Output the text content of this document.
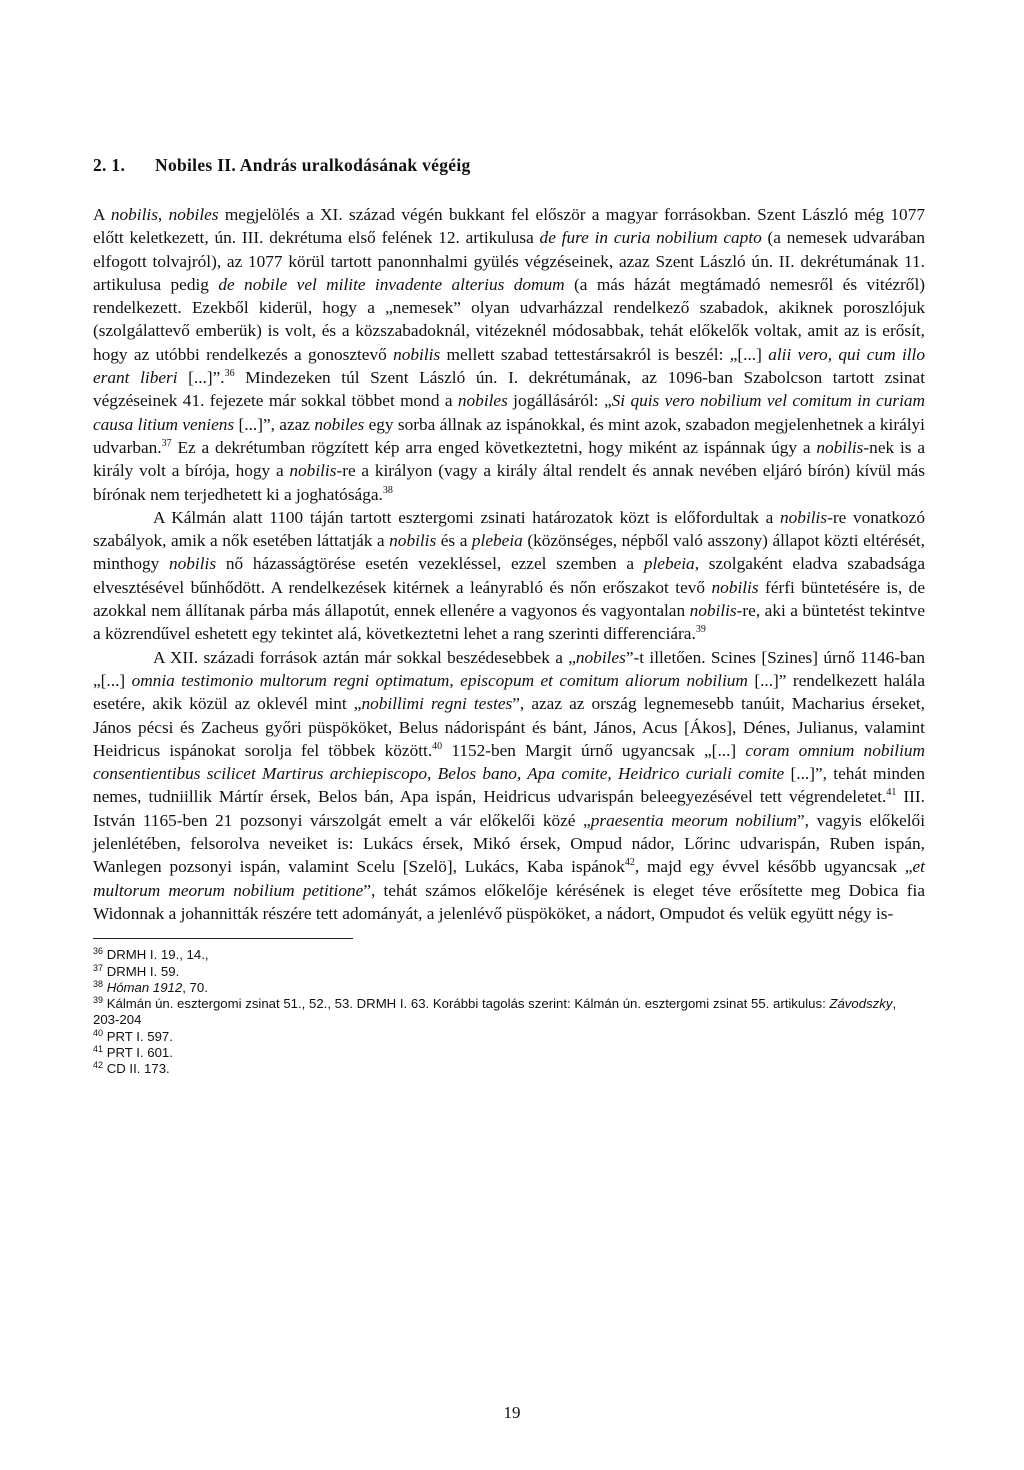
2. 1. Nobiles II. András uralkodásának végéig

A nobilis, nobiles megjelölés a XI. század végén bukkant fel először a magyar forrásokban. Szent László még 1077 előtt keletkezett, ún. III. dekrétuma első felének 12. artikulusa de fure in curia nobilium capto (a nemesek udvarában elfogott tolvajról), az 1077 körül tartott panonnhalmi gyülés végzéseinek, azaz Szent László ún. II. dekrétumának 11. artikulusa pedig de nobile vel milite invadente alterius domum (a más házát megtámadó nemesről és vitézről) rendelkezett. Ezekből kiderül, hogy a „nemesek” olyan udvarházzal rendelkező szabadok, akiknek poroszlójuk (szolgálattevő emberük) is volt, és a közszabadoknál, vitézeknél módosabbak, tehát előkelők voltak, amit az is erősít, hogy az utóbbi rendelkezés a gonosztevő nobilis mellett szabad tettestársakról is beszél: „[...] alii vero, qui cum illo erant liberi [...]”.$^{36}$ Mindezeken túl Szent László ún. I. dekrétumának, az 1096-ban Szabolcson tartott zsinat végzéseinek 41. fejezete már sokkal többet mond a nobiles jogállásáról: „Si quis vero nobilium vel comitum in curiam causa litium veniens [...]”, azaz nobiles egy sorba állnak az ispánokkal, és mint azok, szabadon megjelenhetnek a királyi udvarban.$^{37}$ Ez a dekrétumban rögzített kép arra enged következtetni, hogy miként az ispánnak úgy a nobilis-nek is a király volt a bírója, hogy a nobilis-re a királyon (vagy a király által rendelt és annak nevében eljáró bírón) kívül más bírónak nem terjedhetett ki a joghatósága.$^{38}$

A Kálmán alatt 1100 táján tartott esztergomi zsinati határozatok közt is előfordultak a nobilis-re vonatkozó szabályok, amik a nők esetében láttatják a nobilis és a plebeia (közönséges, népből való asszony) állapot közti eltérését, minthogy nobilis nő házasságtörése esetén vezekléssel, ezzel szemben a plebeia, szolgaként eladva szabadsága elvesztésével bűnhődött. A rendelkezések kitérnek a leányrabló és nőn erőszakot tevő nobilis férfi büntetésére is, de azokkal nem állítanak párba más állapotút, ennek ellenére a vagyonos és vagyontalan nobilis-re, aki a büntetést tekintve a közrendűvel eshetett egy tekintet alá, következtetni lehet a rang szerinti differenciára.$^{39}$

A XII. századi források aztán már sokkal beszédesebbek a „nobiles”-t illetően. Scines [Szines] úrnő 1146-ban „[...] omnia testimonio multorum regni optimatum, episcopum et comitum aliorum nobilium [...]” rendelkezett halála esetére, akik közül az oklevél mint „nobillimi regni testes”, azaz az ország legnemesebb tanúit, Macharius érseket, János pécsi és Zacheus győri püspököket, Belus nádorispánt és bánt, János, Acus [Ákos], Dénes, Julianus, valamint Heidricus ispánokat sorolja fel többek között.$^{40}$ 1152-ben Margit úrnő ugyancsak „[...] coram omnium nobilium consentientibus scilicet Martirus archiepiscopo, Belos bano, Apa comite, Heidrico curiali comite [...]”, tehát minden nemes, tudniillik Mártír érsek, Belos bán, Apa ispán, Heidricus udvarispán beleegyezésével tett végrendeletet.$^{41}$ III. István 1165-ben 21 pozsonyi várszolgát emelt a vár előkelői közé „praesentia meorum nobilium”, vagyis előkelői jelenlétében, felsorolva neveiket is: Lukács érsek, Mikó érsek, Ompud nádor, Lőrinc udvarispán, Ruben ispán, Wanlegen pozsonyi ispán, valamint Scelu [Szelö], Lukács, Kaba ispánok$^{42}$, majd egy évvel később ugyancsak „et multorum meorum nobilium petitione”, tehát számos előkelője kérésének is eleget téve erősítette meg Dobica fia Widonnak a johannitták részére tett adományát, a jelenlévő püspököket, a nádort, Ompudot és velük együtt négy is-

$^{36}$ DRMH I. 19., 14.,
$^{37}$ DRMH I. 59.
$^{38}$ Hóman 1912, 70.
$^{39}$ Kálmán ún. esztergomi zsinat 51., 52., 53. DRMH I. 63. Korábbi tagolás szerint: Kálmán ún. esztergomi zsinat 55. artikulus: Závodszky, 203-204
$^{40}$ PRT I. 597.
$^{41}$ PRT I. 601.
$^{42}$ CD II. 173.
19
